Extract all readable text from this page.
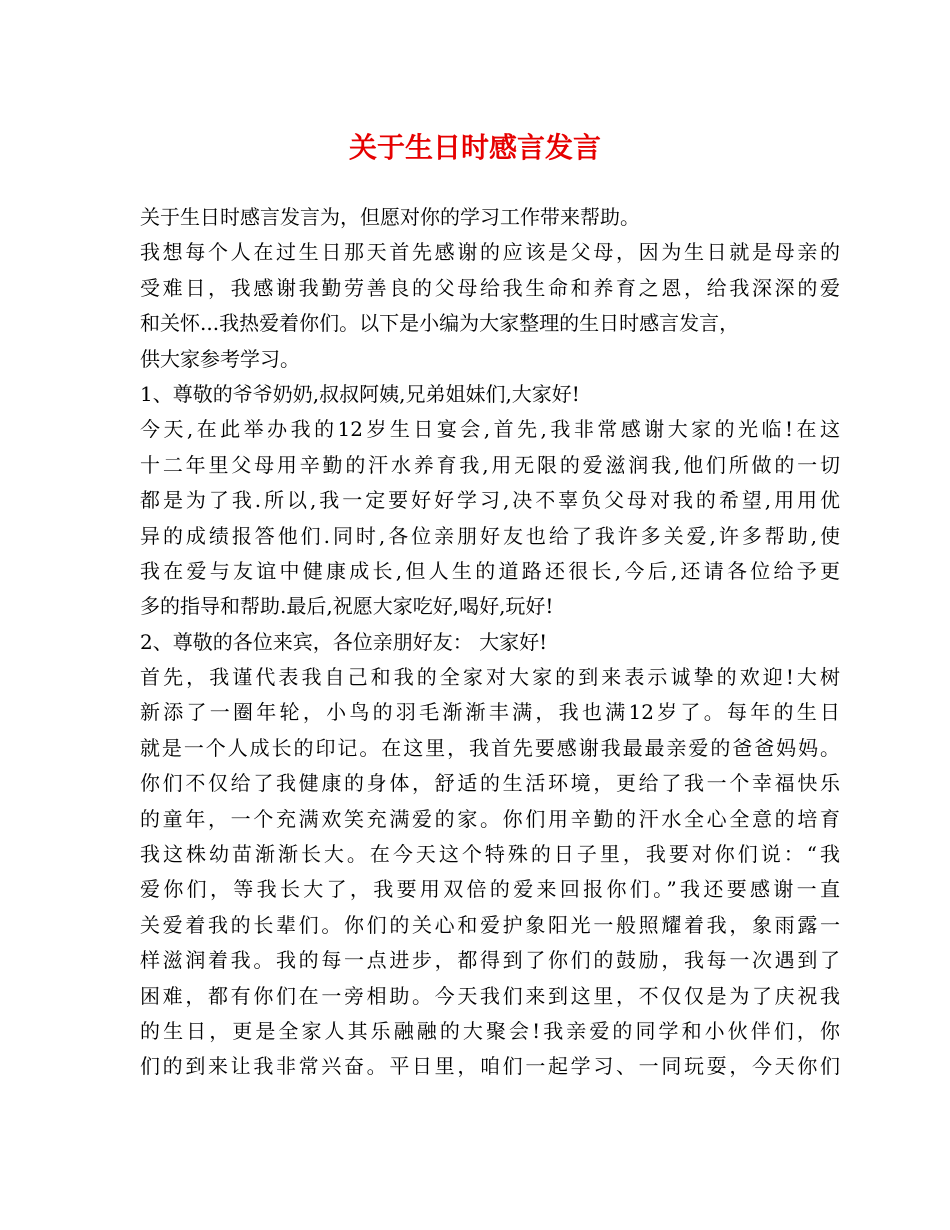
关于生日时感言发言
关于生日时感言发言为，但愿对你的学习工作带来帮助。
我想每个人在过生日那天首先感谢的应该是父母，因为生日就是母亲的
受难日，我感谢我勤劳善良的父母给我生命和养育之恩，给我深深的爱
和关怀...我热爱着你们。以下是小编为大家整理的生日时感言发言，
供大家参考学习。
1、尊敬的爷爷奶奶,叔叔阿姨,兄弟姐妹们,大家好!
今天,在此举办我的12岁生日宴会,首先,我非常感谢大家的光临!在这
十二年里父母用辛勤的汗水养育我,用无限的爱滋润我,他们所做的一切
都是为了我.所以,我一定要好好学习,决不辜负父母对我的希望,用用优
异的成绩报答他们.同时,各位亲朋好友也给了我许多关爱,许多帮助,使
我在爱与友谊中健康成长,但人生的道路还很长,今后,还请各位给予更
多的指导和帮助.最后,祝愿大家吃好,喝好,玩好!
2、尊敬的各位来宾，各位亲朋好友： 大家好!
首先，我谨代表我自己和我的全家对大家的到来表示诚挚的欢迎!大树
新添了一圈年轮，小鸟的羽毛渐渐丰满，我也满12岁了。每年的生日
就是一个人成长的印记。在这里，我首先要感谢我最最亲爱的爸爸妈妈。
你们不仅给了我健康的身体，舒适的生活环境，更给了我一个幸福快乐
的童年，一个充满欢笑充满爱的家。你们用辛勤的汗水全心全意的培育
我这株幼苗渐渐长大。在今天这个特殊的日子里，我要对你们说：“我
爱你们，等我长大了，我要用双倍的爱来回报你们。”我还要感谢一直
关爱着我的长辈们。你们的关心和爱护象阳光一般照耀着我，象雨露一
样滋润着我。我的每一点进步，都得到了你们的鼓励，我每一次遇到了
困难，都有你们在一旁相助。今天我们来到这里，不仅仅是为了庆祝我
的生日，更是全家人其乐融融的大聚会!我亲爱的同学和小伙伴们，你
们的到来让我非常兴奋。平日里，咱们一起学习、一同玩耍，今天你们
